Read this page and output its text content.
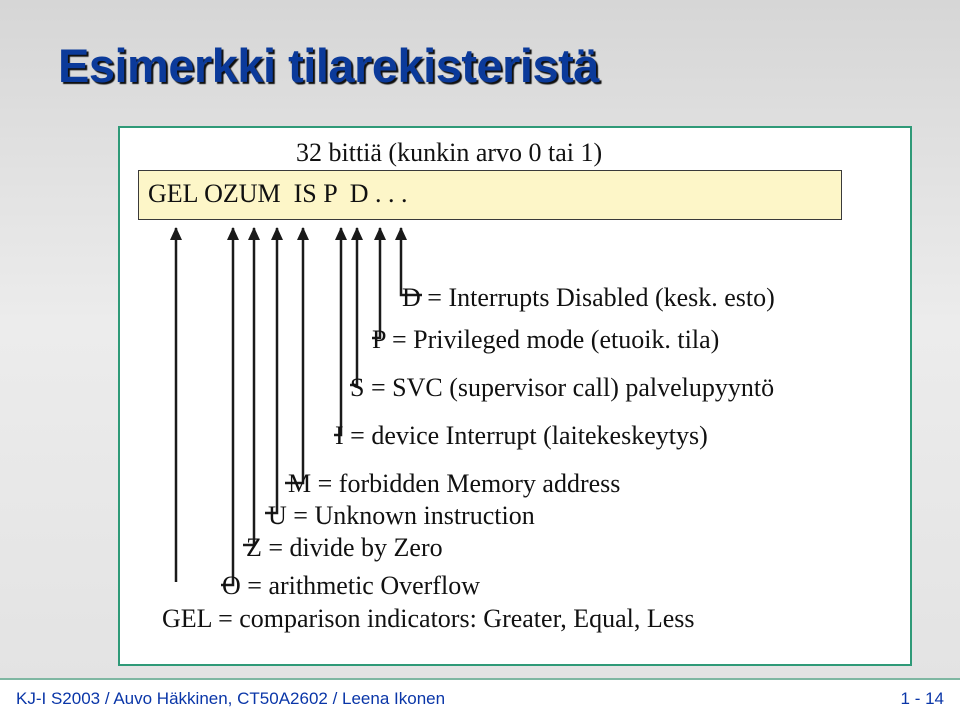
Esimerkki tilarekisteristä
32 bittiä (kunkin arvo 0 tai 1)
GEL OZUM  IS P  D . . .
D = Interrupts Disabled (kesk. esto)
P = Privileged mode (etuoik. tila)
S = SVC (supervisor call) palvelupyyntö
I = device Interrupt (laitekeskeytys)
M = forbidden Memory address
U = Unknown instruction
Z = divide by Zero
O = arithmetic Overflow
GEL = comparison indicators: Greater, Equal, Less
KJ-I S2003 / Auvo Häkkinen, CT50A2602 / Leena Ikonen	1 - 14
